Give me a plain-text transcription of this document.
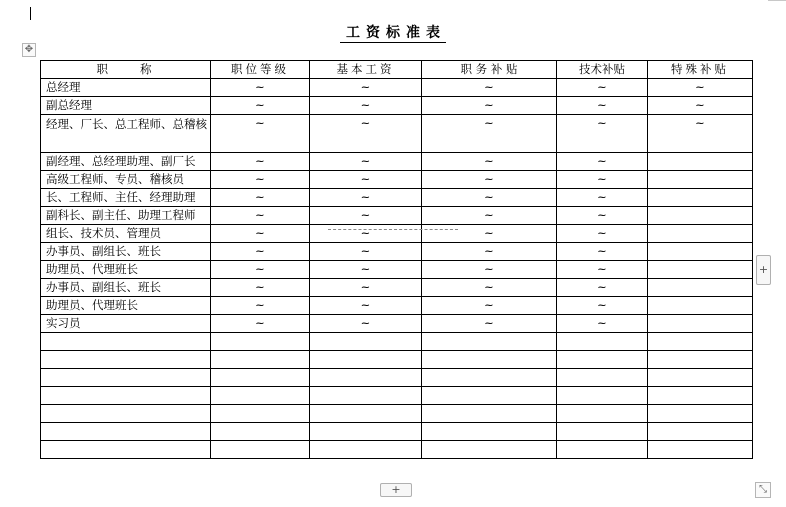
工资标准表
✥
职　　称	职位等级	基本工资	职 务 补 贴	技术补贴	特殊补贴
总经理	~	~	~	~	~
副总经理	~	~	~	~	~
经理、厂长、总工程师、总稽核	~	~	~	~	~
副经理、总经理助理、副厂长	~	~	~	~	
高级工程师、专员、稽核员	~	~	~	~	
长、工程师、主任、经理助理	~	~	~	~	
副科长、副主任、助理工程师	~	~	~	~	
组长、技术员、管理员	~	~	~	~	
办事员、副组长、班长	~	~	~	~	
助理员、代理班长	~	~	~	~	
办事员、副组长、班长	~	~	~	~	
助理员、代理班长	~	~	~	~	
实习员	~	~	~	~	

+
+	⤡
